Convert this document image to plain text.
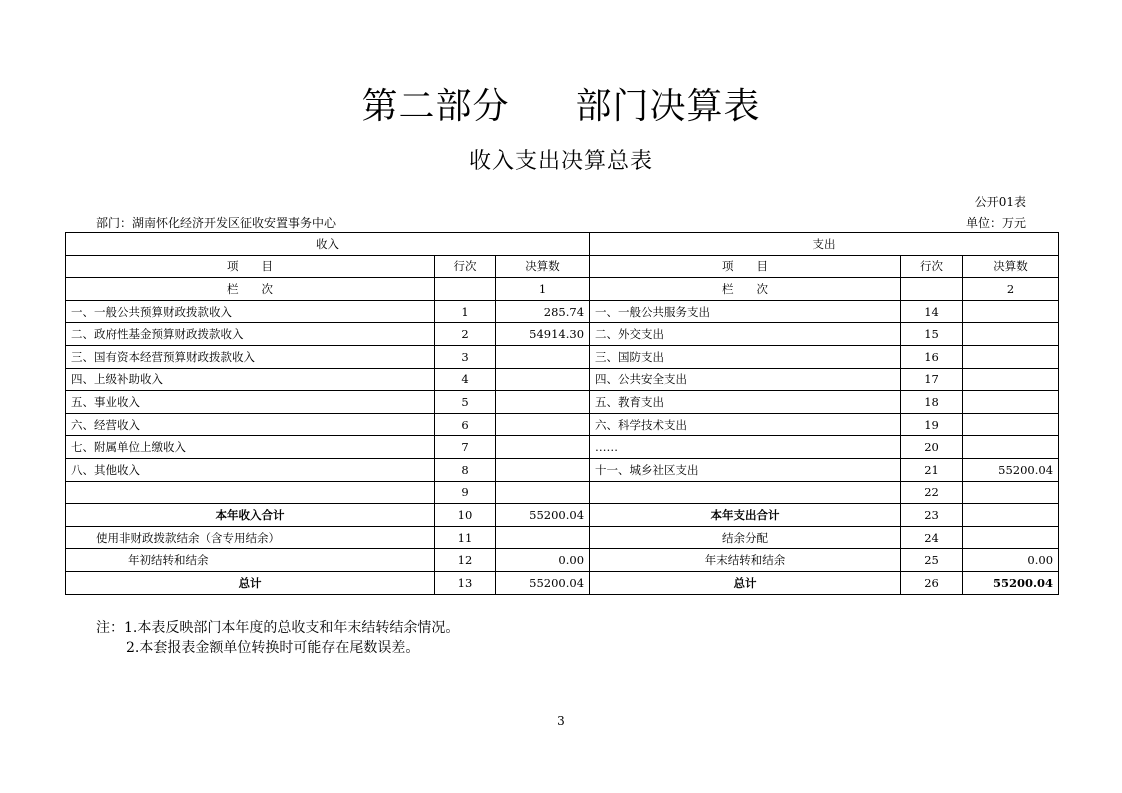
第二部分 部门决算表
收入支出决算总表
公开01表
部门：湖南怀化经济开发区征收安置事务中心	单位：万元
收入			支出		
项　　目	行次	决算数	项　　目	行次	决算数
栏　　次		1	栏　　次		2
一、一般公共预算财政拨款收入	1	285.74	一、一般公共服务支出	14	
二、政府性基金预算财政拨款收入	2	54914.30	二、外交支出	15	
三、国有资本经营预算财政拨款收入	3		三、国防支出	16	
四、上级补助收入	4		四、公共安全支出	17	
五、事业收入	5		五、教育支出	18	
六、经营收入	6		六、科学技术支出	19	
七、附属单位上缴收入	7		……	20	
八、其他收入	8		十一、城乡社区支出	21	55200.04
	9			22	
本年收入合计	10	55200.04	本年支出合计	23	
使用非财政拨款结余（含专用结余）	11		结余分配	24	
年初结转和结余	12	0.00	年末结转和结余	25	0.00
总计	13	55200.04	总计	26	55200.04
注：1.本表反映部门本年度的总收支和年末结转结余情况。
2.本套报表金额单位转换时可能存在尾数误差。
3
